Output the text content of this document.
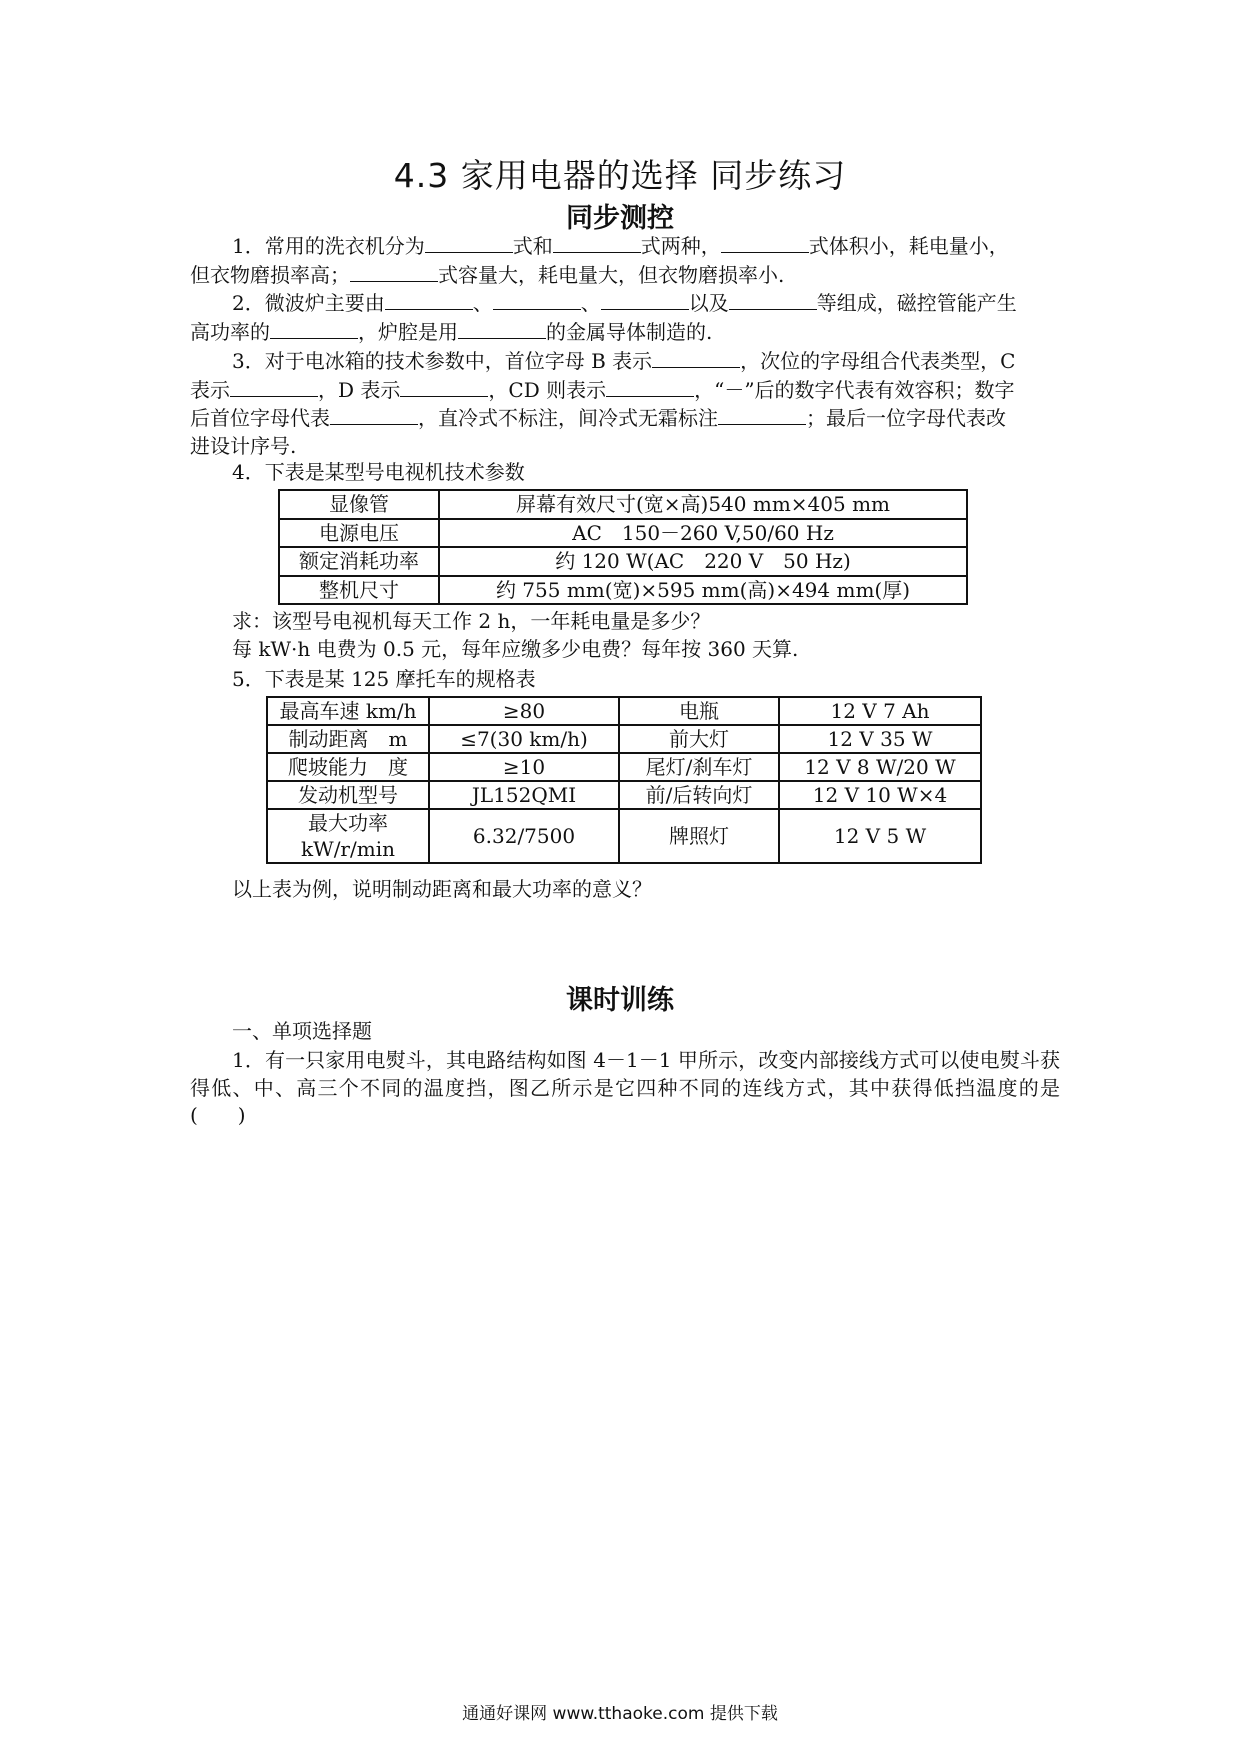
4.3 家用电器的选择 同步练习
同步测控

1．常用的洗衣机分为	式和	式两种，	式体积小，耗电量小，

但衣物磨损率高；	式容量大，耗电量大，但衣物磨损率小.

2．微波炉主要由	、	、	以及	等组成，磁控管能产生

高功率的	，炉腔是用	的金属导体制造的.

3．对于电冰箱的技术参数中，首位字母 B 表示	，次位的字母组合代表类型，C

表示	，D 表示	，CD 则表示	，“－”后的数字代表有效容积；数字

后首位字母代表	，直冷式不标注，间冷式无霜标注	；最后一位字母代表改

进设计序号.

4．下表是某型号电视机技术参数

显像管	屏幕有效尺寸(宽×高)540 mm×405 mm
电源电压	AC　150－260 V,50/60 Hz
额定消耗功率	约 120 W(AC　220 V　50 Hz)
整机尺寸	约 755 mm(宽)×595 mm(高)×494 mm(厚)

求：该型号电视机每天工作 2 h，一年耗电量是多少？

每 kW·h 电费为 0.5 元，每年应缴多少电费？每年按 360 天算.

5．下表是某 125 摩托车的规格表

最高车速 km/h	≥80	电瓶	12 V 7 Ah
制动距离　m	≤7(30 km/h)	前大灯	12 V 35 W
爬坡能力　度	≥10	尾灯/刹车灯	12 V 8 W/20 W
发动机型号	JL152QMI	前/后转向灯	12 V 10 W×4
最大功率
kW/r/min	6.32/7500	牌照灯	12 V 5 W

以上表为例，说明制动距离和最大功率的意义？

课时训练

一、单项选择题

1．有一只家用电熨斗，其电路结构如图 4－1－1 甲所示，改变内部接线方式可以使电熨斗获得低、中、高三个不同的温度挡，图乙所示是它四种不同的连线方式，其中获得低挡温度的是(　　)

通通好课网 www.tthaoke.com 提供下载
